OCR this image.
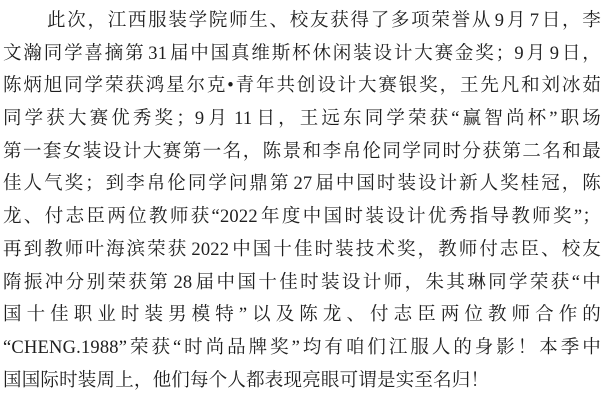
此次，江西服装学院师生、校友获得了多项荣誉从 9 月 7 日，李
文瀚同学喜摘第 31 届中国真维斯杯休闲装设计大赛金奖；9 月 9 日，
陈炳旭同学荣获鸿星尔克•青年共创设计大赛银奖，王先凡和刘冰茹
同学获大赛优秀奖；9 月 11 日，王远东同学荣获“赢智尚杯”职场
第一套女装设计大赛第一名，陈景和李帛伦同学同时分获第二名和最
佳人气奖；到李帛伦同学问鼎第 27 届中国时装设计新人奖桂冠，陈
龙、付志臣两位教师获“2022 年度中国时装设计优秀指导教师奖”；
再到教师叶海滨荣获 2022 中国十佳时装技术奖，教师付志臣、校友
隋振冲分别荣获第 28 届中国十佳时装设计师，朱其琳同学荣获“中
国十佳职业时装男模特”以及陈龙、付志臣两位教师合作的
“CHENG.1988”荣获“时尚品牌奖”均有咱们江服人的身影！本季中
国国际时装周上，他们每个人都表现亮眼可谓是实至名归！
